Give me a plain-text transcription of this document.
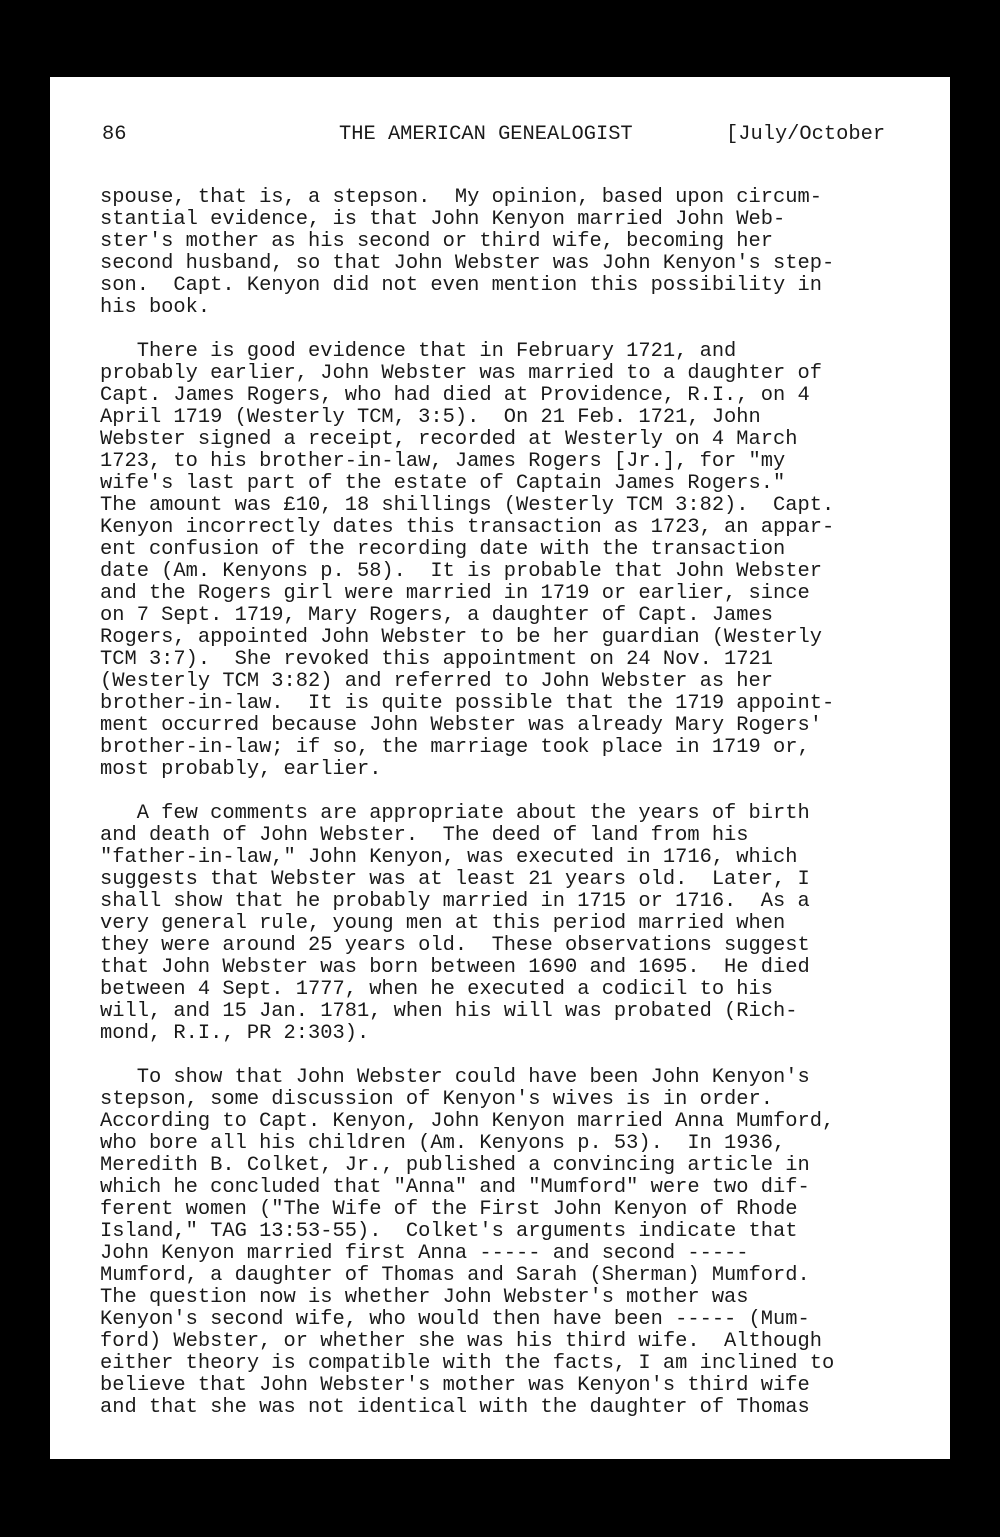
86

	THE AMERICAN GENEALOGIST

	[July/October

spouse, that is, a stepson.  My opinion, based upon circum-
stantial evidence, is that John Kenyon married John Web-
ster's mother as his second or third wife, becoming her
second husband, so that John Webster was John Kenyon's step-
son.  Capt. Kenyon did not even mention this possibility in
his book.
There is good evidence that in February 1721, and
probably earlier, John Webster was married to a daughter of
Capt. James Rogers, who had died at Providence, R.I., on 4
April 1719 (Westerly TCM, 3:5).  On 21 Feb. 1721, John
Webster signed a receipt, recorded at Westerly on 4 March
1723, to his brother-in-law, James Rogers [Jr.], for "my
wife's last part of the estate of Captain James Rogers."
The amount was £10, 18 shillings (Westerly TCM 3:82).  Capt.
Kenyon incorrectly dates this transaction as 1723, an appar-
ent confusion of the recording date with the transaction
date (Am. Kenyons p. 58).  It is probable that John Webster
and the Rogers girl were married in 1719 or earlier, since
on 7 Sept. 1719, Mary Rogers, a daughter of Capt. James
Rogers, appointed John Webster to be her guardian (Westerly
TCM 3:7).  She revoked this appointment on 24 Nov. 1721
(Westerly TCM 3:82) and referred to John Webster as her
brother-in-law.  It is quite possible that the 1719 appoint-
ment occurred because John Webster was already Mary Rogers'
brother-in-law; if so, the marriage took place in 1719 or,
most probably, earlier.
A few comments are appropriate about the years of birth
and death of John Webster.  The deed of land from his
"father-in-law," John Kenyon, was executed in 1716, which
suggests that Webster was at least 21 years old.  Later, I
shall show that he probably married in 1715 or 1716.  As a
very general rule, young men at this period married when
they were around 25 years old.  These observations suggest
that John Webster was born between 1690 and 1695.  He died
between 4 Sept. 1777, when he executed a codicil to his
will, and 15 Jan. 1781, when his will was probated (Rich-
mond, R.I., PR 2:303).
To show that John Webster could have been John Kenyon's
stepson, some discussion of Kenyon's wives is in order.
According to Capt. Kenyon, John Kenyon married Anna Mumford,
who bore all his children (Am. Kenyons p. 53).  In 1936,
Meredith B. Colket, Jr., published a convincing article in
which he concluded that "Anna" and "Mumford" were two dif-
ferent women ("The Wife of the First John Kenyon of Rhode
Island," TAG 13:53-55).  Colket's arguments indicate that
John Kenyon married first Anna ----- and second -----
Mumford, a daughter of Thomas and Sarah (Sherman) Mumford.
The question now is whether John Webster's mother was
Kenyon's second wife, who would then have been ----- (Mum-
ford) Webster, or whether she was his third wife.  Although
either theory is compatible with the facts, I am inclined to
believe that John Webster's mother was Kenyon's third wife
and that she was not identical with the daughter of Thomas
